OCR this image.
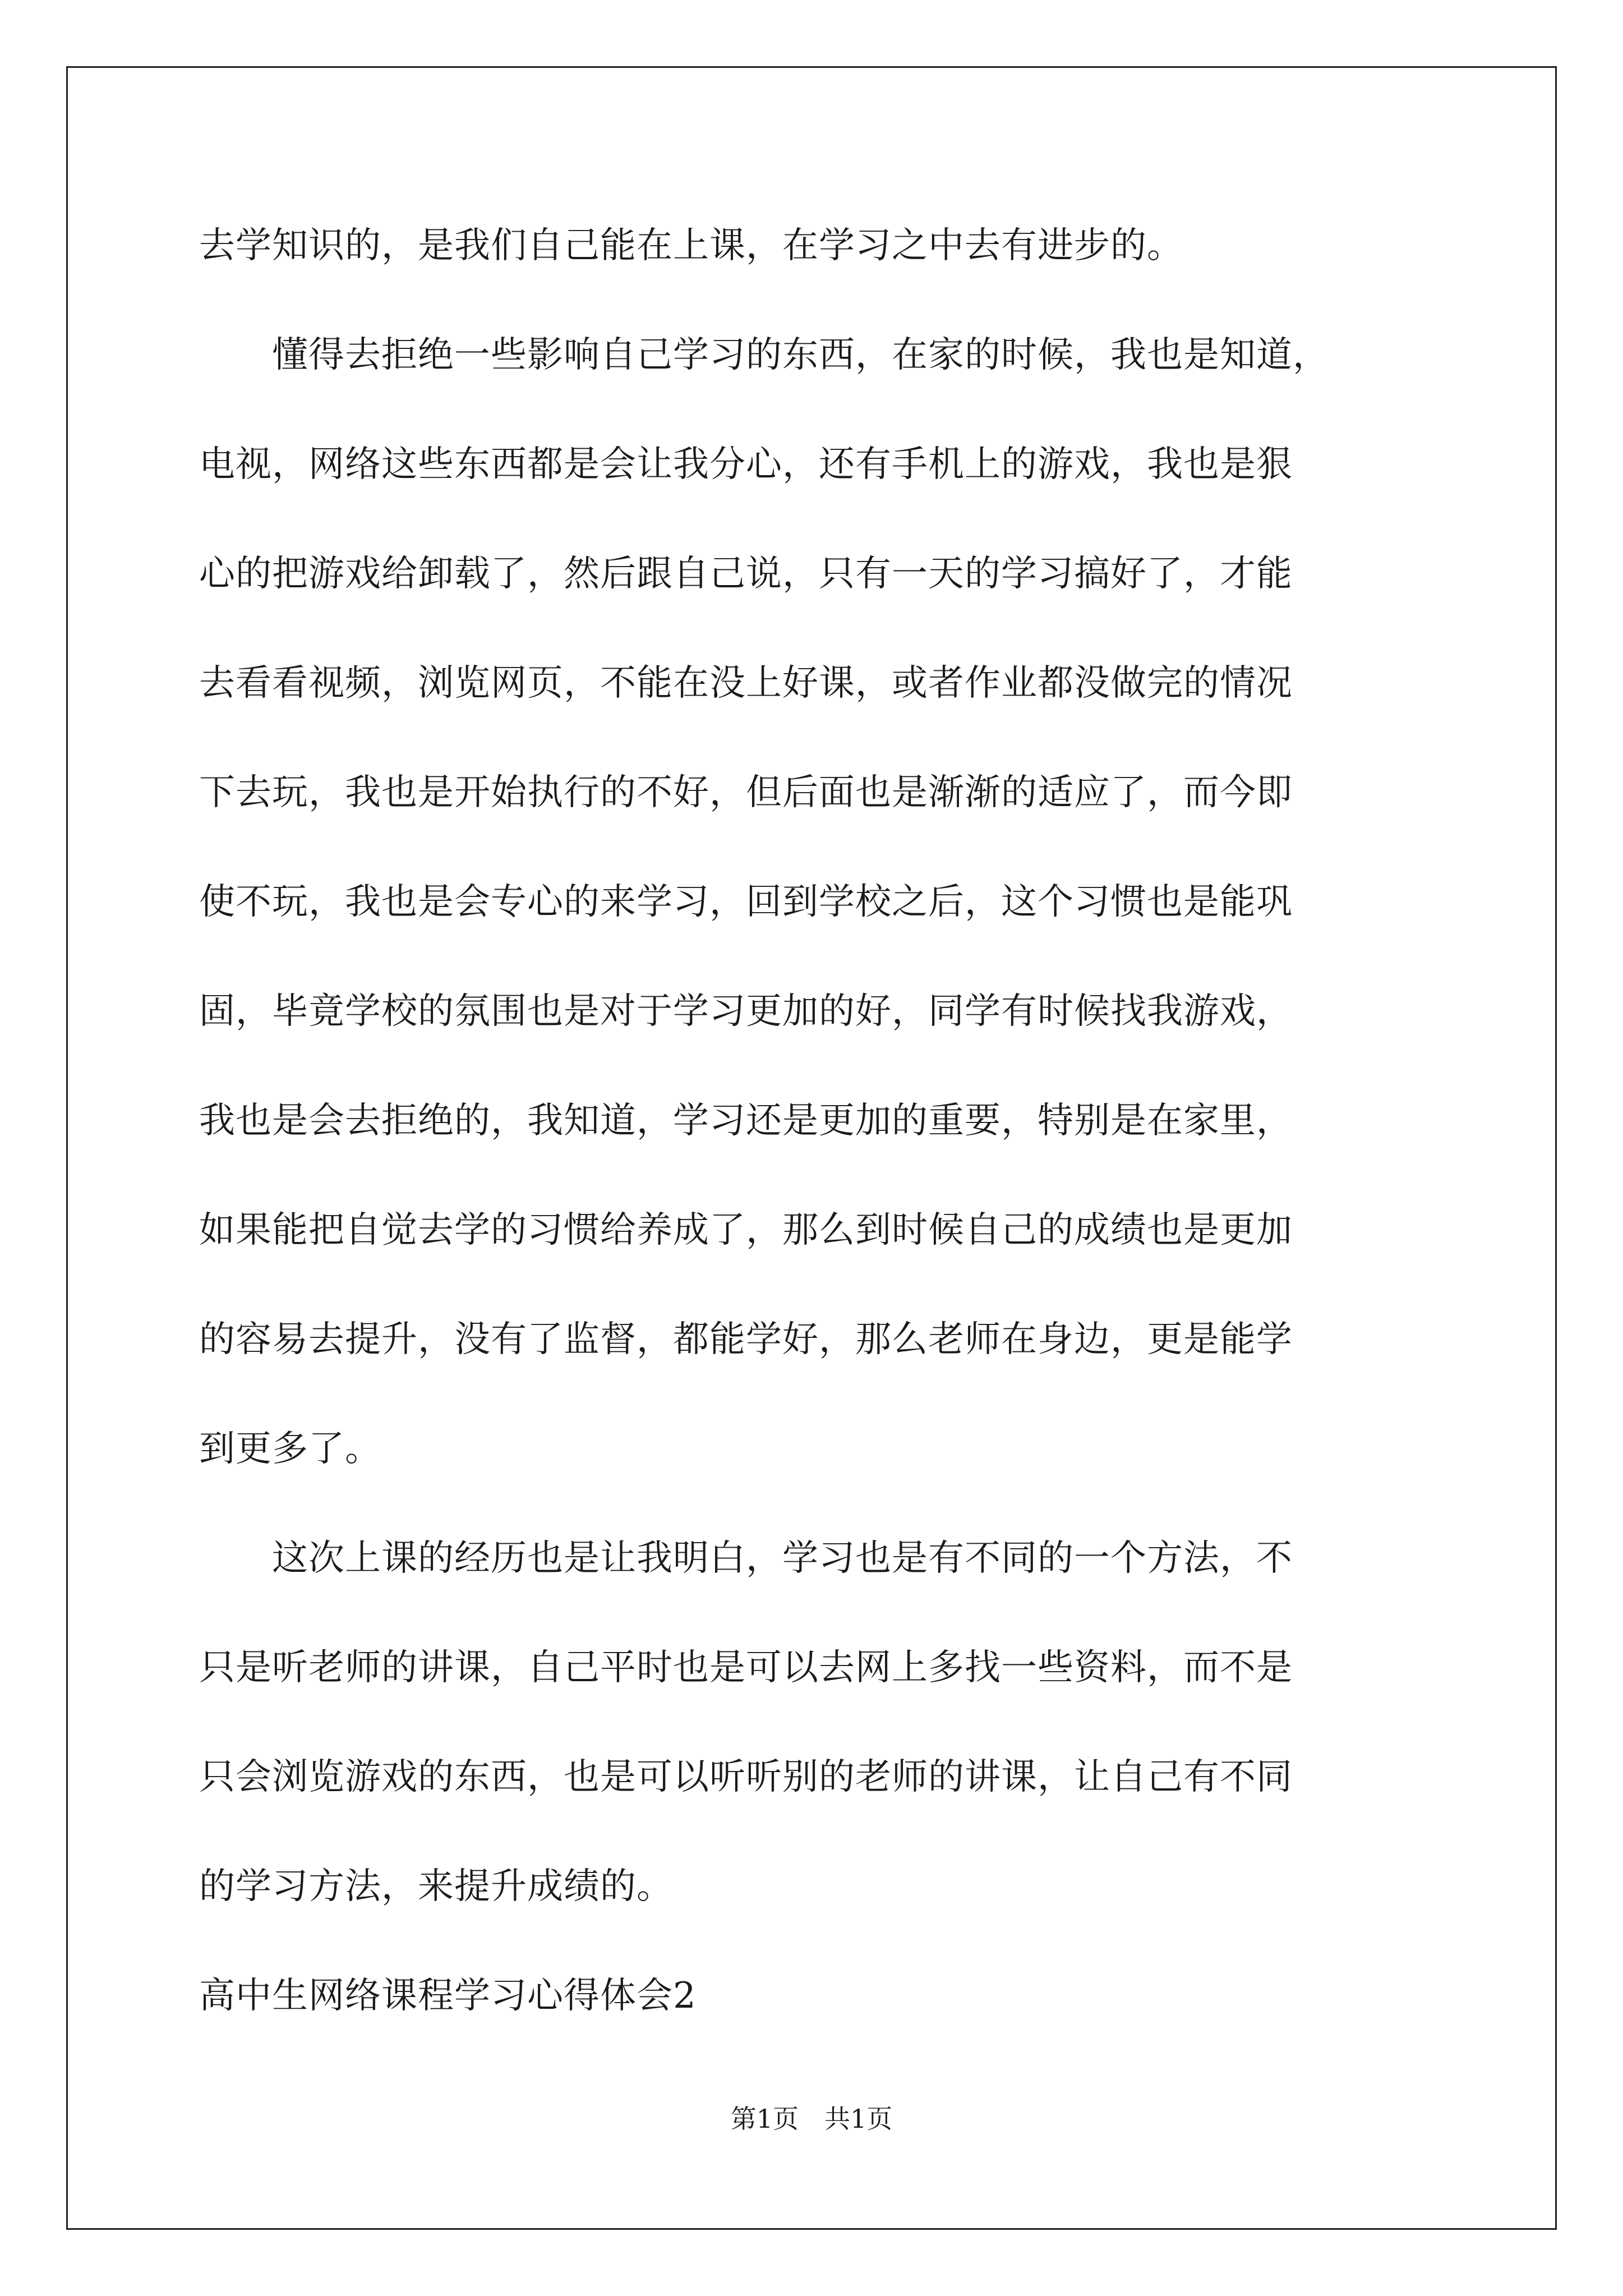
去学知识的，是我们自己能在上课，在学习之中去有进步的。
　　懂得去拒绝一些影响自己学习的东西，在家的时候，我也是知道，
电视，网络这些东西都是会让我分心，还有手机上的游戏，我也是狠
心的把游戏给卸载了，然后跟自己说，只有一天的学习搞好了，才能
去看看视频，浏览网页，不能在没上好课，或者作业都没做完的情况
下去玩，我也是开始执行的不好，但后面也是渐渐的适应了，而今即
使不玩，我也是会专心的来学习，回到学校之后，这个习惯也是能巩
固，毕竟学校的氛围也是对于学习更加的好，同学有时候找我游戏，
我也是会去拒绝的，我知道，学习还是更加的重要，特别是在家里，
如果能把自觉去学的习惯给养成了，那么到时候自己的成绩也是更加
的容易去提升，没有了监督，都能学好，那么老师在身边，更是能学
到更多了。
　　这次上课的经历也是让我明白，学习也是有不同的一个方法，不
只是听老师的讲课，自己平时也是可以去网上多找一些资料，而不是
只会浏览游戏的东西，也是可以听听别的老师的讲课，让自己有不同
的学习方法，来提升成绩的。
高中生网络课程学习心得体会2
第1页　共1页
